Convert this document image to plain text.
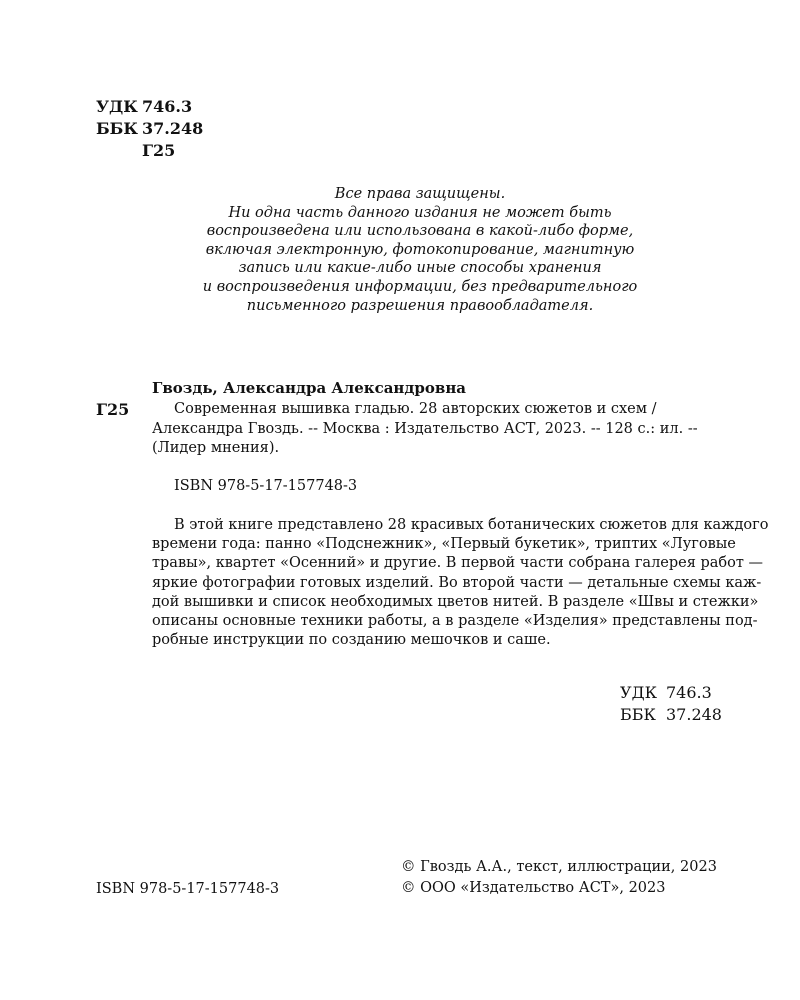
УДК 746.3
ББК 37.248
Г25
Все права защищены.
Ни одна часть данного издания не может быть
воспроизведена или использована в какой-либо форме,
включая электронную, фотокопирование, магнитную
запись или какие-либо иные способы хранения
и воспроизведения информации, без предварительного
письменного разрешения правообладателя.
Гвоздь, Александра Александровна
Г25	Современная вышивка гладью. 28 авторских сюжетов и схем /
Александра Гвоздь. -- Москва : Издательство АСТ, 2023. -- 128 с.: ил. --
(Лидер мнения).
ISBN 978-5-17-157748-3
В этой книге представлено 28 красивых ботанических сюжетов для каждого
времени года: панно «Подснежник», «Первый букетик», триптих «Луговые
травы», квартет «Осенний» и другие. В первой части собрана галерея работ —
яркие фотографии готовых изделий. Во второй части — детальные схемы каж-
дой вышивки и список необходимых цветов нитей. В разделе «Швы и стежки»
описаны основные техники работы, а в разделе «Изделия» представлены под-
робные инструкции по созданию мешочков и саше.
УДК 746.3
ББК 37.248
ISBN 978-5-17-157748-3
© Гвоздь А.А., текст, иллюстрации, 2023
© ООО «Издательство АСТ», 2023
